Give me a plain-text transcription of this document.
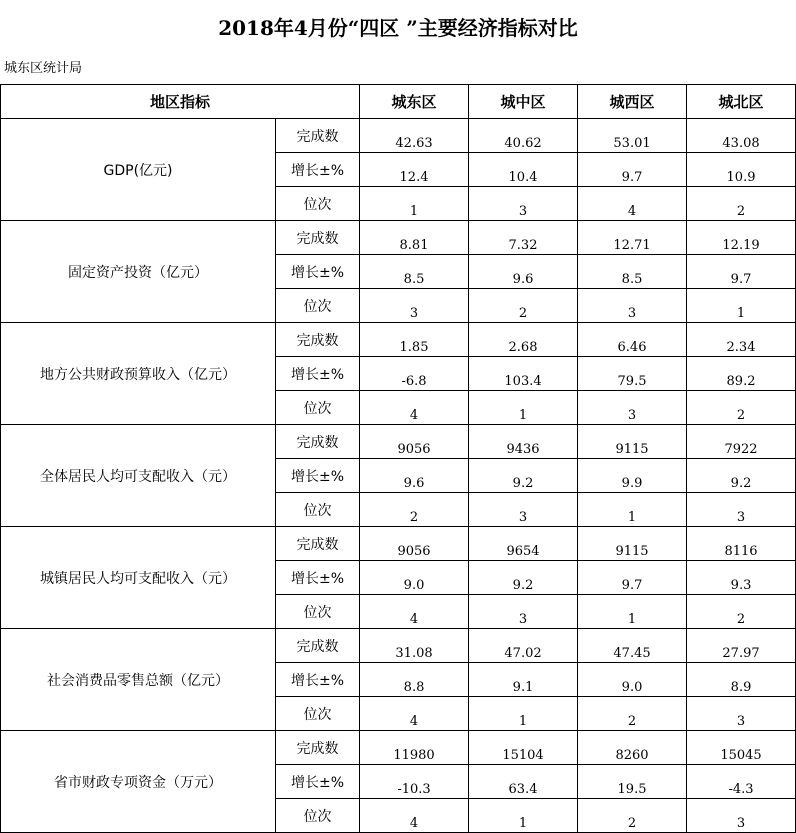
2018年4月份“四区 ”主要经济指标对比
城东区统计局
地区指标		城东区	城中区	城西区	城北区
GDP(亿元)	完成数	42.63	40.62	53.01	43.08
	增长±%	12.4	10.4	9.7	10.9
	位次	1	3	4	2
固定资产投资（亿元）	完成数	8.81	7.32	12.71	12.19
	增长±%	8.5	9.6	8.5	9.7
	位次	3	2	3	1
地方公共财政预算收入（亿元）	完成数	1.85	2.68	6.46	2.34
	增长±%	-6.8	103.4	79.5	89.2
	位次	4	1	3	2
全体居民人均可支配收入（元）	完成数	9056	9436	9115	7922
	增长±%	9.6	9.2	9.9	9.2
	位次	2	3	1	3
城镇居民人均可支配收入（元）	完成数	9056	9654	9115	8116
	增长±%	9.0	9.2	9.7	9.3
	位次	4	3	1	2
社会消费品零售总额（亿元）	完成数	31.08	47.02	47.45	27.97
	增长±%	8.8	9.1	9.0	8.9
	位次	4	1	2	3
省市财政专项资金（万元）	完成数	11980	15104	8260	15045
	增长±%	-10.3	63.4	19.5	-4.3
	位次	4	1	2	3
